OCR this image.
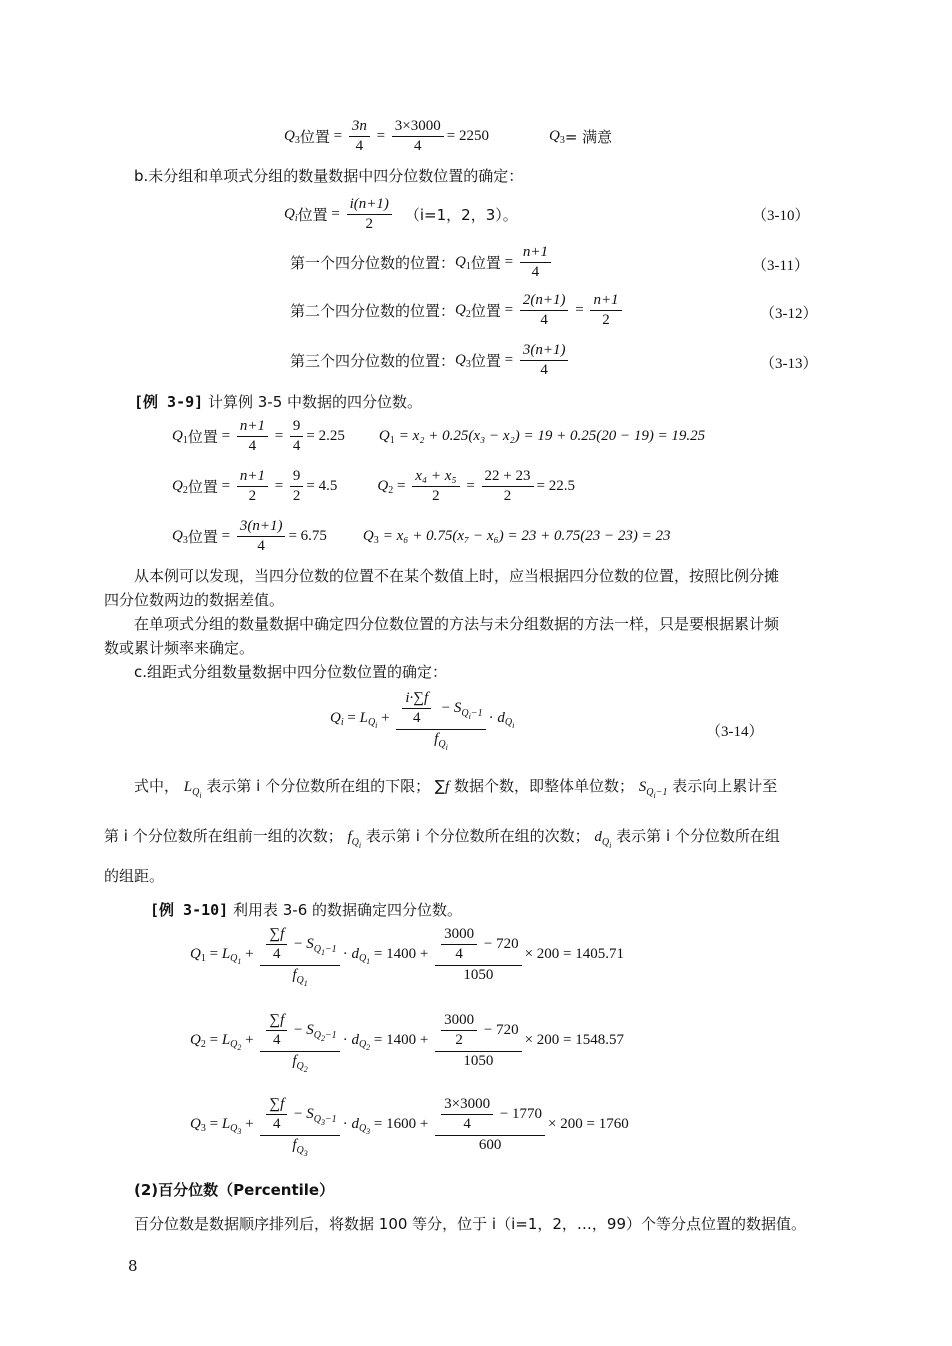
Q 3 位置 = $\frac{3n}{4} = \frac{3\times 3000}{4} = 2250$	Q 3 = 满意
b.未分组和单项式分组的数量数据中四分位数位置的确定：
Q i 位置 = $\frac{i(n+1)}{2} (i=1$，2，3）。	（3-10）
第一个四分位数的位置： Q 1 位置 = $\frac{n+1}{4}$	（3-11）
第二个四分位数的位置： Q 2 位置 = $\frac{2(n+1)}{4} = \frac{n+1}{2}$	（3-12）
第三个四分位数的位置： Q 3 位置 = $\frac{3(n+1)}{4}$	（3-13）
[例 3-9] 计算例 3-5 中数据的四分位数。
Q 1 位置 = $\frac{n+1}{4} = \frac{9}{4} = 2.25$ Q 1 = x₂ + 0.25(x₃ − x₂) = 19 + 0.25(20 − 19) = 19.25
Q 2 位置 = $\frac{n+1}{2} = \frac{9}{2} = 4.5$	Q $2 = \frac{\text{x₄ + x₅}}{2} = \frac{22 + 23}{2} = 22.5$
Q 3 位置 = $\frac{3(n+1)}{4} = 6.75$ Q 3 = x₆ + 0.75(x₇ − x₆) = 23 + 0.75(23 − 23) = 23
从本例可以发现，当四分位数的位置不在某个数值上时，应当根据四分位数的位置，按照比例分摊
四分位数两边的数据差值。
在单项式分组的数量数据中确定四分位数位置的方法与未分组数据的方法一样，只是要根据累计频
数或累计频率来确定。
c.组距式分组数量数据中四分位数位置的确定：
Q i = L $Q_i + \frac{\frac{i\cdot\sum f}{4} - S_{Q_i-1}}{f_{Q_i}} \cdot d$ $Q_i$	（3-14）
式中， $L_{Q_i}$ 表示第 i 个分位数所在组的下限； ∑f 数据个数，即整体单位数； $S_{Q_i-1}$ 表示向上累计至
第 i 个分位数所在组前一组的次数； $f_{Q_i}$ 表示第 i 个分位数所在组的次数； $d_{Q_i}$ 表示第 i 个分位数所在组
的组距。
[例 3-10] 利用表 3-6 的数据确定四分位数。
Q 1 = L $Q_1 + \frac{\frac{\sum f}{4} - S_{Q_1-1}}{f_{Q_1}} \cdot d$ $Q_1 = 1400 + \frac{\frac{3000}{4} - 720}{1050} \times 200 = 1405.71$
Q 2 = L $Q_2 + \frac{\frac{\sum f}{4} - S_{Q_2-1}}{f_{Q_2}} \cdot d$ $Q_2 = 1400 + \frac{\frac{3000}{2} - 720}{1050} \times 200 = 1548.57$
Q 3 = L $Q_3 + \frac{\frac{\sum f}{4} - S_{Q_3-1}}{f_{Q_3}} \cdot d$ $Q_3 = 1600 + \frac{\frac{3\times 3000}{4} - 1770}{600} \times 200 = 1760$
(2)百分位数（Percentile）
百分位数是数据顺序排列后，将数据 100 等分，位于 i（i=1，2，…，99）个等分点位置的数据值。
8
